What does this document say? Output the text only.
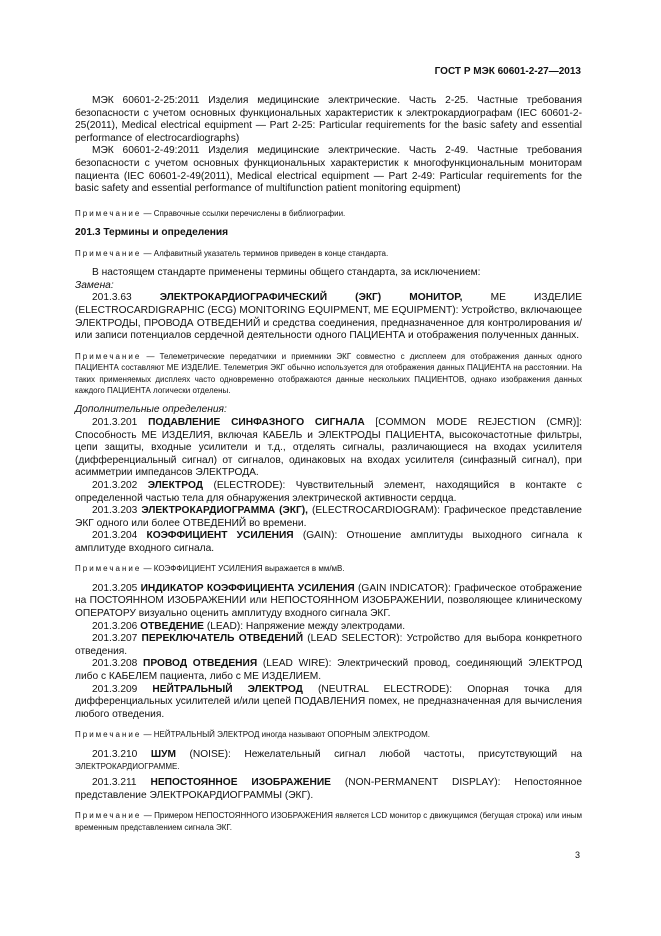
ГОСТ Р МЭК 60601-2-27—2013

МЭК 60601-2-25:2011 Изделия медицинские электрические. Часть 2-25. Частные требования безопасности с учетом основных функциональных характеристик к электрокардиографам (IEC 60601-2-25(2011), Medical electrical equipment — Part 2-25: Particular requirements for the basic safety and essential performance of electrocardiographs)

МЭК 60601-2-49:2011 Изделия медицинские электрические. Часть 2-49. Частные требования безопасности с учетом основных функциональных характеристик к многофункциональным мониторам пациента (IEC 60601-2-49(2011), Medical electrical equipment — Part 2-49: Particular requirements for the basic safety and essential performance of multifunction patient monitoring equipment)

Примечание — Справочные ссылки перечислены в библиографии.

201.3 Термины и определения

Примечание — Алфавитный указатель терминов приведен в конце стандарта.

В настоящем стандарте применены термины общего стандарта, за исключением:

Замена:

201.3.63 ЭЛЕКТРОКАРДИОГРАФИЧЕСКИЙ (ЭКГ) МОНИТОР, МЕ ИЗДЕЛИЕ (ELECTROCARDIGRAPHIC (ECG) MONITORING EQUIPMENT, ME EQUIPMENT): Устройство, включающее ЭЛЕКТРОДЫ, ПРОВОДА ОТВЕДЕНИЙ и средства соединения, предназначенное для контролирования и/или записи потенциалов сердечной деятельности одного ПАЦИЕНТА и отображения полученных данных.

Примечание — Телеметрические передатчики и приемники ЭКГ совместно с дисплеем для отображения данных одного ПАЦИЕНТА составляют МЕ ИЗДЕЛИЕ. Телеметрия ЭКГ обычно используется для отображения данных ПАЦИЕНТА на расстоянии. На таких применяемых дисплеях часто одновременно отображаются данные нескольких ПАЦИЕНТОВ, однако изображения данных каждого ПАЦИЕНТА логически отделены.

Дополнительные определения:

201.3.201 ПОДАВЛЕНИЕ СИНФАЗНОГО СИГНАЛА [COMMON MODE REJECTION (CMR)]: Способность МЕ ИЗДЕЛИЯ, включая КАБЕЛЬ и ЭЛЕКТРОДЫ ПАЦИЕНТА, высокочастотные фильтры, цепи защиты, входные усилители и т.д., отделять сигналы, различающиеся на входах усилителя (дифференциальный сигнал) от сигналов, одинаковых на входах усилителя (синфазный сигнал), при асимметрии импедансов ЭЛЕКТРОДА.

201.3.202 ЭЛЕКТРОД (ELECTRODE): Чувствительный элемент, находящийся в контакте с определенной частью тела для обнаружения электрической активности сердца.

201.3.203 ЭЛЕКТРОКАРДИОГРАММА (ЭКГ), (ELECTROCARDIOGRAM): Графическое представление ЭКГ одного или более ОТВЕДЕНИЙ во времени.

201.3.204 КОЭФФИЦИЕНТ УСИЛЕНИЯ (GAIN): Отношение амплитуды выходного сигнала к амплитуде входного сигнала.

Примечание — КОЭФФИЦИЕНТ УСИЛЕНИЯ выражается в мм/мВ.

201.3.205 ИНДИКАТОР КОЭФФИЦИЕНТА УСИЛЕНИЯ (GAIN INDICATOR): Графическое отображение на ПОСТОЯННОМ ИЗОБРАЖЕНИИ или НЕПОСТОЯННОМ ИЗОБРАЖЕНИИ, позволяющее клиническому ОПЕРАТОРУ визуально оценить амплитуду входного сигнала ЭКГ.

201.3.206 ОТВЕДЕНИЕ (LEAD): Напряжение между электродами.

201.3.207 ПЕРЕКЛЮЧАТЕЛЬ ОТВЕДЕНИЙ (LEAD SELECTOR): Устройство для выбора конкретного отведения.

201.3.208 ПРОВОД ОТВЕДЕНИЯ (LEAD WIRE): Электрический провод, соединяющий ЭЛЕКТРОД либо с КАБЕЛЕМ пациента, либо с МЕ ИЗДЕЛИЕМ.

201.3.209 НЕЙТРАЛЬНЫЙ ЭЛЕКТРОД (NEUTRAL ELECTRODE): Опорная точка для дифференциальных усилителей и/или цепей ПОДАВЛЕНИЯ помех, не предназначенная для вычисления любого отведения.

Примечание — НЕЙТРАЛЬНЫЙ ЭЛЕКТРОД иногда называют ОПОРНЫМ ЭЛЕКТРОДОМ.

201.3.210 ШУМ (NOISE): Нежелательный сигнал любой частоты, присутствующий на ЭЛЕКТРОКАРДИОГРАММЕ.

201.3.211 НЕПОСТОЯННОЕ ИЗОБРАЖЕНИЕ (NON-PERMANENT DISPLAY): Непостоянное представление ЭЛЕКТРОКАРДИОГРАММЫ (ЭКГ).

Примечание — Примером НЕПОСТОЯННОГО ИЗОБРАЖЕНИЯ является LCD монитор с движущимся (бегущая строка) или иным временным представлением сигнала ЭКГ.

3
